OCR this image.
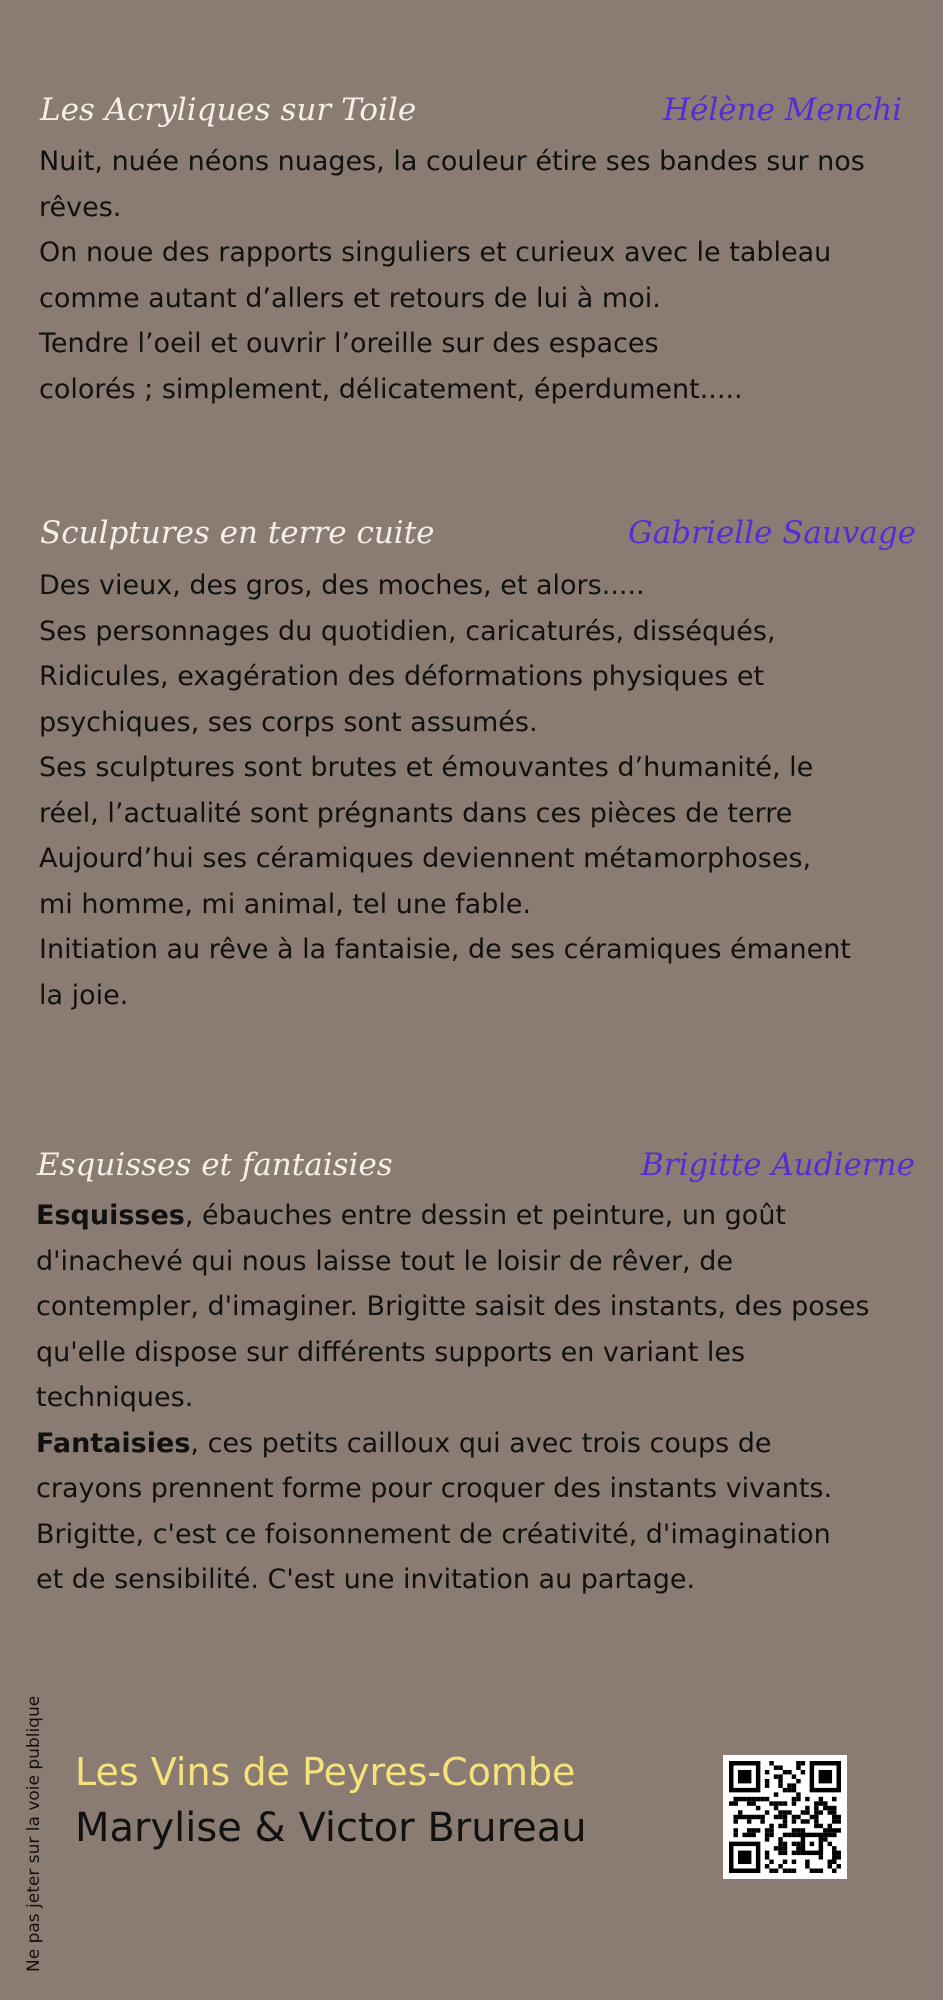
Les Acryliques sur Toile	Hélène Menchi

Nuit, nuée néons nuages, la couleur étire ses bandes sur nos

rêves.

On noue des rapports singuliers et curieux avec le tableau

comme autant d’allers et retours de lui à moi.

Tendre l’oeil et ouvrir l’oreille sur des espaces

colorés ; simplement, délicatement, éperdument.....

Sculptures en terre cuite	Gabrielle Sauvage

Des vieux, des gros, des moches, et alors.....

Ses personnages du quotidien, caricaturés, disséqués,

Ridicules, exagération des déformations physiques et

psychiques, ses corps sont assumés.

Ses sculptures sont brutes et émouvantes d’humanité, le

réel, l’actualité sont prégnants dans ces pièces de terre

Aujourd’hui ses céramiques deviennent métamorphoses,

mi homme, mi animal, tel une fable.

Initiation au rêve à la fantaisie, de ses céramiques émanent

la joie.

Esquisses et fantaisies	Brigitte Audierne

Esquisses, ébauches entre dessin et peinture, un goût

d'inachevé qui nous laisse tout le loisir de rêver, de

contempler, d'imaginer. Brigitte saisit des instants, des poses

qu'elle dispose sur différents supports en variant les

techniques.

Fantaisies, ces petits cailloux qui avec trois coups de

crayons prennent forme pour croquer des instants vivants.

Brigitte, c'est ce foisonnement de créativité, d'imagination

et de sensibilité. C'est une invitation au partage.

Ne pas jeter sur la voie publique Les Vins de Peyres-Combe
Marylise & Victor Brureau
